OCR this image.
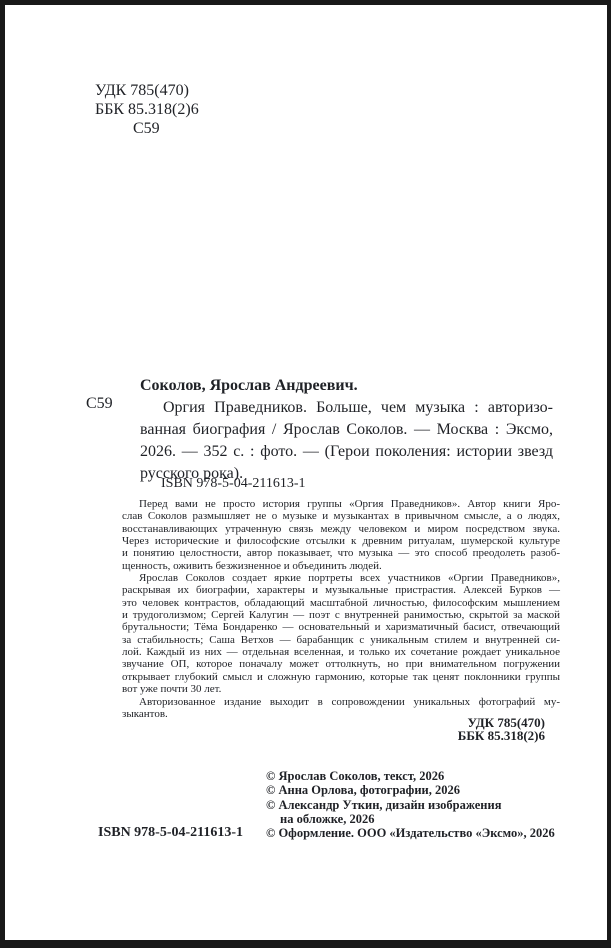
УДК 785(470)
ББК 85.318(2)6
С59
С59
Соколов, Ярослав Андреевич.
Оргия Праведников. Больше, чем музыка : авторизо-
ванная биография / Ярослав Соколов. — Москва : Эксмо,
2026. — 352 с. : фото. — (Герои поколения: истории звезд
русского рока).
ISBN 978-5-04-211613-1
Перед вами не просто история группы «Оргия Праведников». Автор книги Яро-
слав Соколов размышляет не о музыке и музыкантах в привычном смысле, а о людях,
восстанавливающих утраченную связь между человеком и миром посредством звука.
Через исторические и философские отсылки к древним ритуалам, шумерской культуре
и понятию целостности, автор показывает, что музыка — это способ преодолеть разоб-
щенность, оживить безжизненное и объединить людей.
Ярослав Соколов создает яркие портреты всех участников «Оргии Праведников»,
раскрывая их биографии, характеры и музыкальные пристрастия. Алексей Бурков —
это человек контрастов, обладающий масштабной личностью, философским мышлением
и трудоголизмом; Сергей Калугин — поэт с внутренней ранимостью, скрытой за маской
брутальности; Тёма Бондаренко — основательный и харизматичный басист, отвечающий
за стабильность; Саша Ветхов — барабанщик с уникальным стилем и внутренней си-
лой. Каждый из них — отдельная вселенная, и только их сочетание рождает уникальное
звучание ОП, которое поначалу может оттолкнуть, но при внимательном погружении
открывает глубокий смысл и сложную гармонию, которые так ценят поклонники группы
вот уже почти 30 лет.
Авторизованное издание выходит в сопровождении уникальных фотографий му-
зыкантов.
УДК 785(470)
ББК 85.318(2)6
© Ярослав Соколов, текст, 2026
© Анна Орлова, фотографии, 2026
© Александр Уткин, дизайн изображения
на обложке, 2026
© Оформление. ООО «Издательство «Эксмо», 2026
ISBN 978-5-04-211613-1
